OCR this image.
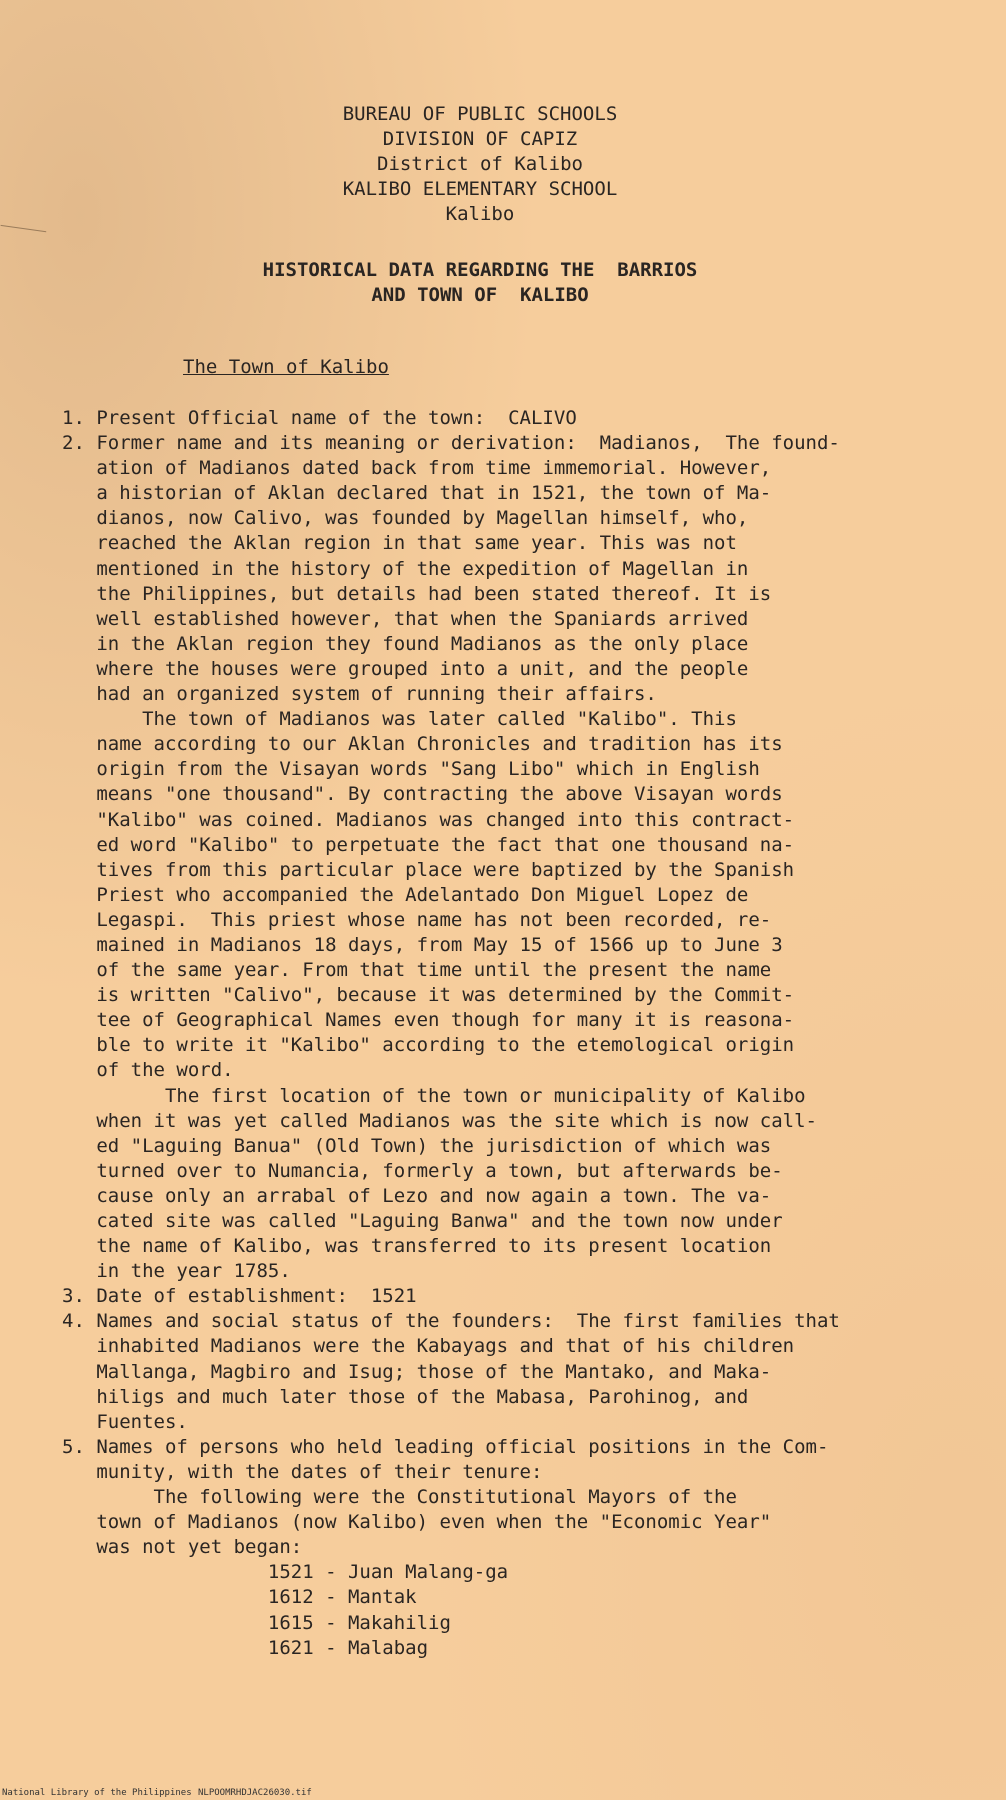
BUREAU OF PUBLIC SCHOOLS
DIVISION OF CAPIZ
District of Kalibo
KALIBO ELEMENTARY SCHOOL
Kalibo
HISTORICAL DATA REGARDING THE  BARRIOS
AND TOWN OF  KALIBO
The Town of Kalibo
1. Present Official name of the town:  CALIVO
2. Former name and its meaning or derivation:  Madianos,  The found-
ation of Madianos dated back from time immemorial. However,
a historian of Aklan declared that in 1521, the town of Ma-
dianos, now Calivo, was founded by Magellan himself, who,
reached the Aklan region in that same year. This was not
mentioned in the history of the expedition of Magellan in
the Philippines, but details had been stated thereof. It is
well established however, that when the Spaniards arrived
in the Aklan region they found Madianos as the only place
where the houses were grouped into a unit, and the people
had an organized system of running their affairs.
The town of Madianos was later called "Kalibo". This
name according to our Aklan Chronicles and tradition has its
origin from the Visayan words "Sang Libo" which in English
means "one thousand". By contracting the above Visayan words
"Kalibo" was coined. Madianos was changed into this contract-
ed word "Kalibo" to perpetuate the fact that one thousand na-
tives from this particular place were baptized by the Spanish
Priest who accompanied the Adelantado Don Miguel Lopez de
Legaspi.  This priest whose name has not been recorded, re-
mained in Madianos 18 days, from May 15 of 1566 up to June 3
of the same year. From that time until the present the name
is written "Calivo", because it was determined by the Commit-
tee of Geographical Names even though for many it is reasona-
ble to write it "Kalibo" according to the etemological origin
of the word.
The first location of the town or municipality of Kalibo
when it was yet called Madianos was the site which is now call-
ed "Laguing Banua" (Old Town) the jurisdiction of which was
turned over to Numancia, formerly a town, but afterwards be-
cause only an arrabal of Lezo and now again a town. The va-
cated site was called "Laguing Banwa" and the town now under
the name of Kalibo, was transferred to its present location
in the year 1785.
3. Date of establishment:  1521
4. Names and social status of the founders:  The first families that
inhabited Madianos were the Kabayags and that of his children
Mallanga, Magbiro and Isug; those of the Mantako, and Maka-
hiligs and much later those of the Mabasa, Parohinog, and
Fuentes.
5. Names of persons who held leading official positions in the Com-
munity, with the dates of their tenure:
The following were the Constitutional Mayors of the
town of Madianos (now Kalibo) even when the "Economic Year"
was not yet began:
1521 - Juan Malang-ga
1612 - Mantak
1615 - Makahilig
1621 - Malabag
National Library of the Philippines NLPOOMRHDJAC26030.tif
